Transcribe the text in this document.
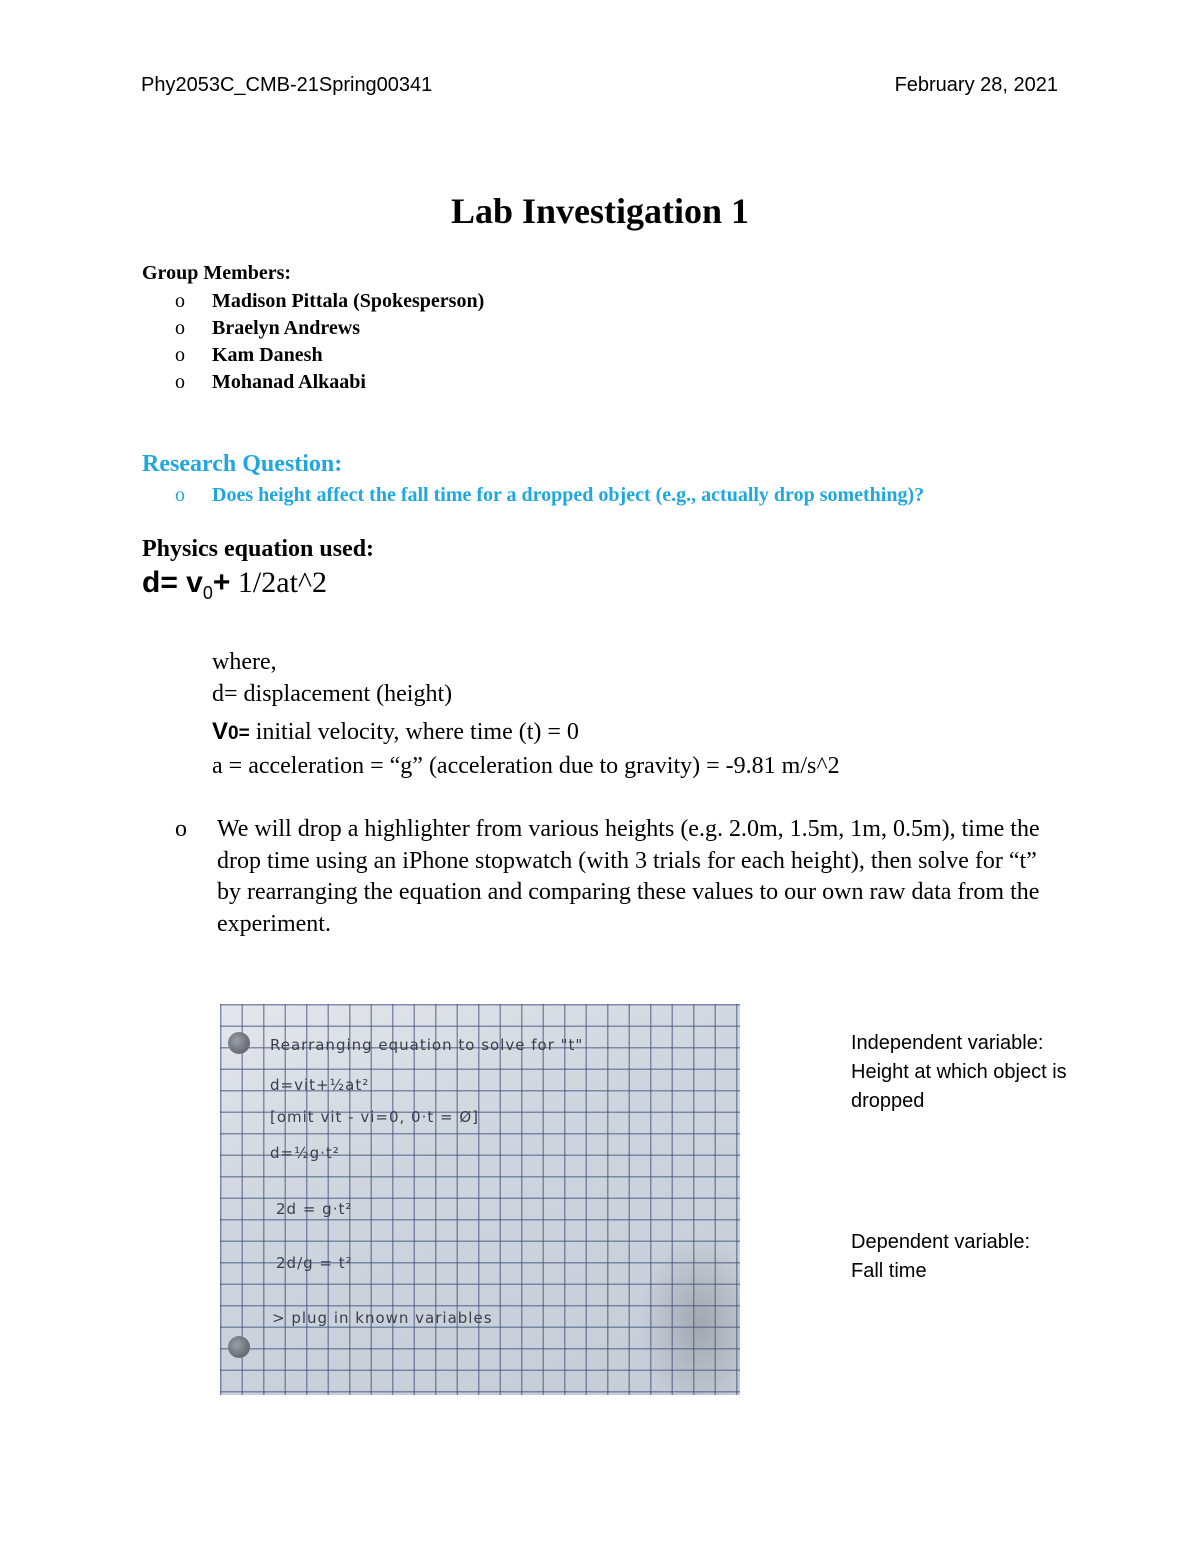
Phy2053C_CMB-21Spring00341	February 28, 2021
Lab Investigation 1
Group Members:
o Madison Pittala (Spokesperson)
o Braelyn Andrews
o Kam Danesh
o Mohanad Alkaabi
Research Question:
o Does height affect the fall time for a dropped object (e.g., actually drop something)?
Physics equation used:
$d= v_0+$ 1/2at^2
where,
d= displacement (height)
V0= initial velocity, where time (t) = 0
a = acceleration = “g” (acceleration due to gravity) = -9.81 m/s^2
o We will drop a highlighter from various heights (e.g. 2.0m, 1.5m, 1m, 0.5m), time the drop time using an iPhone stopwatch (with 3 trials for each height), then solve for “t” by rearranging the equation and comparing these values to our own raw data from the experiment.
Rearranging equation to solve for "t"
d=vit+½at²
[omit vit - vi=0, 0·t = Ø]
d=½g·t²
2d = g·t²
2d/g = t²
> plug in known variables
Independent variable:
Height at which object is dropped
Dependent variable:
Fall time
